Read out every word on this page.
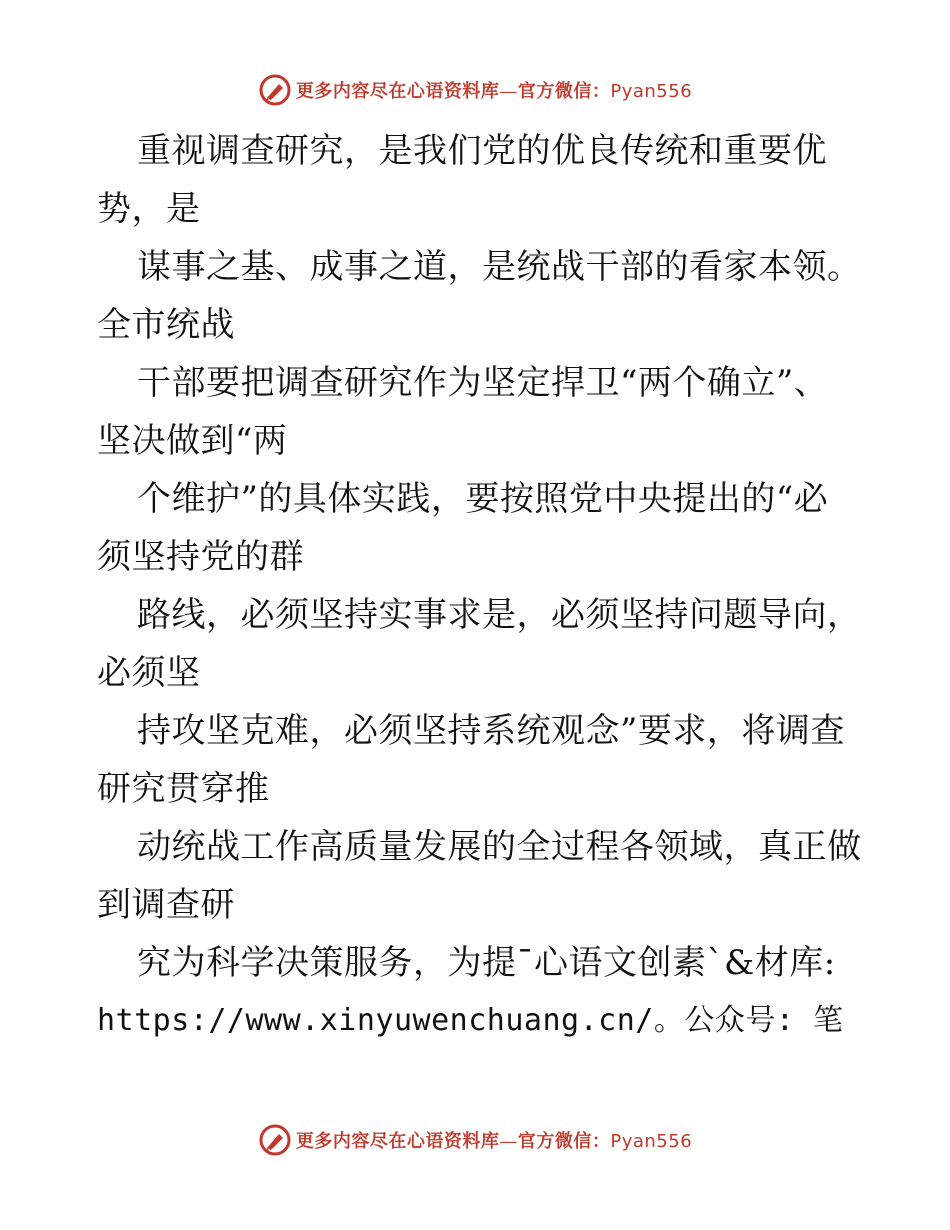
更多内容尽在心语资料库—官方微信：Pyan556
重视调查研究，是我们党的优良传统和重要优
势，是
谋事之基、成事之道，是统战干部的看家本领。
全市统战
干部要把调查研究作为坚定捍卫“两个确立”、
坚决做到“两
个维护”的具体实践，要按照党中央提出的“必
须坚持党的群
路线，必须坚持实事求是，必须坚持问题导向，
必须坚
持攻坚克难，必须坚持系统观念”要求，将调查
研究贯穿推
动统战工作高质量发展的全过程各领域，真正做
到调查研
究为科学决策服务，为提¯心语文创素`&材库:
https://www.xinyuwenchuang.cn/。公众号: 笔
更多内容尽在心语资料库—官方微信：Pyan556
